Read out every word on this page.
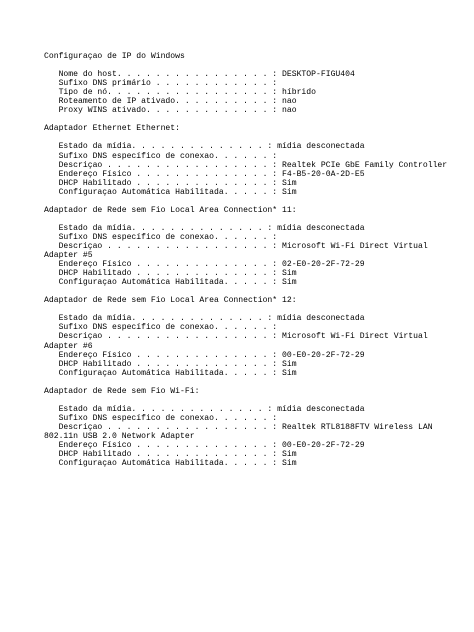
Configuraçao de IP do Windows
Nome do host. . . . . . . . . . . . . . . . : DESKTOP-FIGU404
Sufixo DNS primário . . . . . . . . . . . . :
Tipo de nó. . . . . . . . . . . . . . . . . : híbrido
Roteamento de IP ativado. . . . . . . . . . : nao
Proxy WINS ativado. . . . . . . . . . . . . : nao
Adaptador Ethernet Ethernet:
Estado da mídia. . . . . . . . . . . . . . : mídia desconectada
Sufixo DNS específico de conexao. . . . . . :
Descriçao . . . . . . . . . . . . . . . . . : Realtek PCIe GbE Family Controller
Endereço Físico . . . . . . . . . . . . . . : F4-B5-20-0A-2D-E5
DHCP Habilitado . . . . . . . . . . . . . . : Sim
Configuraçao Automática Habilitada. . . . . : Sim
Adaptador de Rede sem Fio Local Area Connection* 11:
Estado da mídia. . . . . . . . . . . . . . : mídia desconectada
Sufixo DNS específico de conexao. . . . . . :
Descriçao . . . . . . . . . . . . . . . . . : Microsoft Wi-Fi Direct Virtual
Adapter #5
Endereço Físico . . . . . . . . . . . . . . : 02-E0-20-2F-72-29
DHCP Habilitado . . . . . . . . . . . . . . : Sim
Configuraçao Automática Habilitada. . . . . : Sim
Adaptador de Rede sem Fio Local Area Connection* 12:
Estado da mídia. . . . . . . . . . . . . . : mídia desconectada
Sufixo DNS específico de conexao. . . . . . :
Descriçao . . . . . . . . . . . . . . . . . : Microsoft Wi-Fi Direct Virtual
Adapter #6
Endereço Físico . . . . . . . . . . . . . . : 00-E0-20-2F-72-29
DHCP Habilitado . . . . . . . . . . . . . . : Sim
Configuraçao Automática Habilitada. . . . . : Sim
Adaptador de Rede sem Fio Wi-Fi:
Estado da mídia. . . . . . . . . . . . . . : mídia desconectada
Sufixo DNS específico de conexao. . . . . . :
Descriçao . . . . . . . . . . . . . . . . . : Realtek RTL8188FTV Wireless LAN
802.11n USB 2.0 Network Adapter
Endereço Físico . . . . . . . . . . . . . . : 00-E0-20-2F-72-29
DHCP Habilitado . . . . . . . . . . . . . . : Sim
Configuraçao Automática Habilitada. . . . . : Sim
